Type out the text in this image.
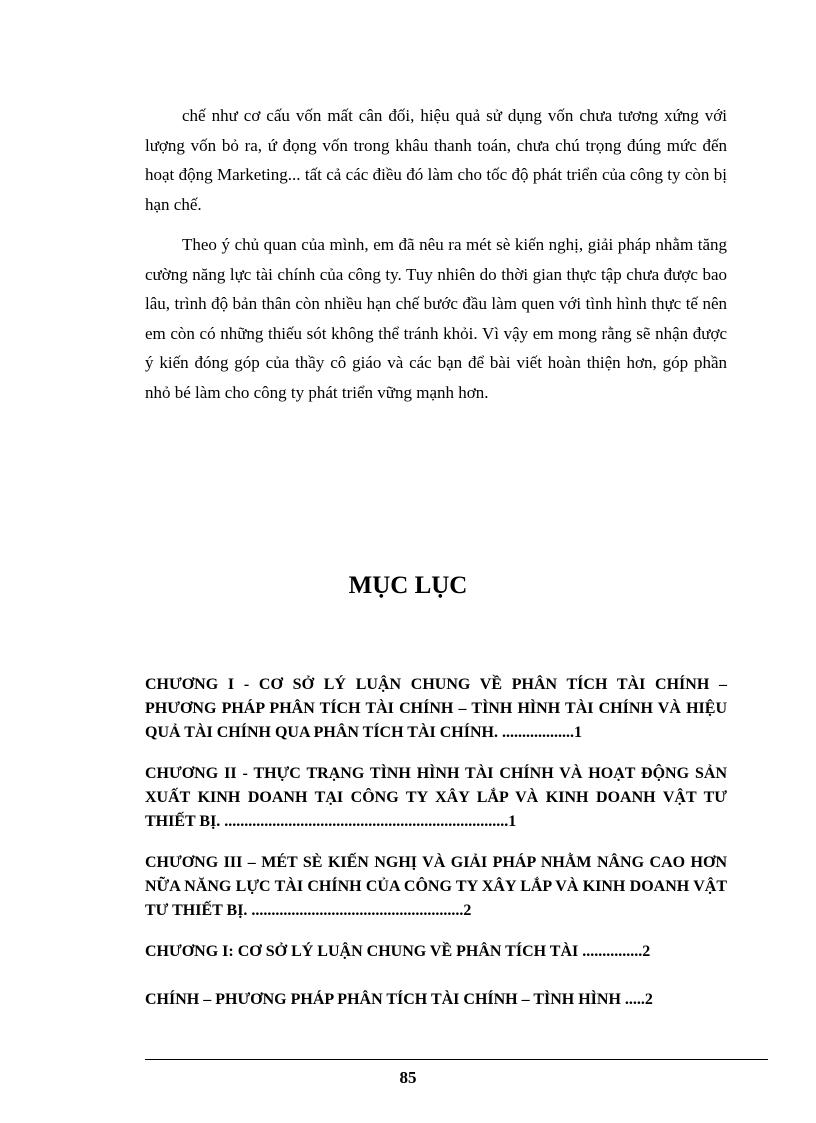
chế như cơ cấu vốn mất cân đối, hiệu quả sử dụng vốn chưa tương xứng với lượng vốn bỏ ra, ứ đọng vốn trong khâu thanh toán, chưa chú trọng đúng mức đến hoạt động Marketing... tất cả các điều đó làm cho tốc độ phát triển của công ty còn bị hạn chế.

Theo ý chủ quan của mình, em đã nêu ra mét sè kiến nghị, giải pháp nhằm tăng cường năng lực tài chính của công ty. Tuy nhiên do thời gian thực tập chưa được bao lâu, trình độ bản thân còn nhiều hạn chế bước đầu làm quen với tình hình thực tế nên em còn có những thiếu sót không thể tránh khỏi. Vì vậy em mong rằng sẽ nhận được ý kiến đóng góp của thầy cô giáo và các bạn để bài viết hoàn thiện hơn, góp phần nhỏ bé làm cho công ty phát triển vững mạnh hơn.

MỤC LỤC

CHƯƠNG I - CƠ SỞ LÝ LUẬN CHUNG VỀ PHÂN TÍCH TÀI CHÍNH – PHƯƠNG PHÁP PHÂN TÍCH TÀI CHÍNH – TÌNH HÌNH TÀI CHÍNH VÀ HIỆU QUẢ TÀI CHÍNH QUA PHÂN TÍCH TÀI CHÍNH. ..................1

CHƯƠNG II - THỰC TRẠNG TÌNH HÌNH TÀI CHÍNH VÀ HOẠT ĐỘNG SẢN XUẤT KINH DOANH TẠI CÔNG TY XÂY LẮP VÀ KINH DOANH VẬT TƯ THIẾT BỊ. .......................................................................1

CHƯƠNG III – MÉT SÈ KIẾN NGHỊ VÀ GIẢI PHÁP NHẰM NÂNG CAO HƠN NỮA NĂNG LỰC TÀI CHÍNH CỦA CÔNG TY XÂY LẮP VÀ KINH DOANH VẬT TƯ THIẾT BỊ. .....................................................2

CHƯƠNG I: CƠ SỞ LÝ LUẬN CHUNG VỀ PHÂN TÍCH TÀI ...............2

CHÍNH – PHƯƠNG PHÁP PHÂN TÍCH TÀI CHÍNH – TÌNH HÌNH .....2

85
